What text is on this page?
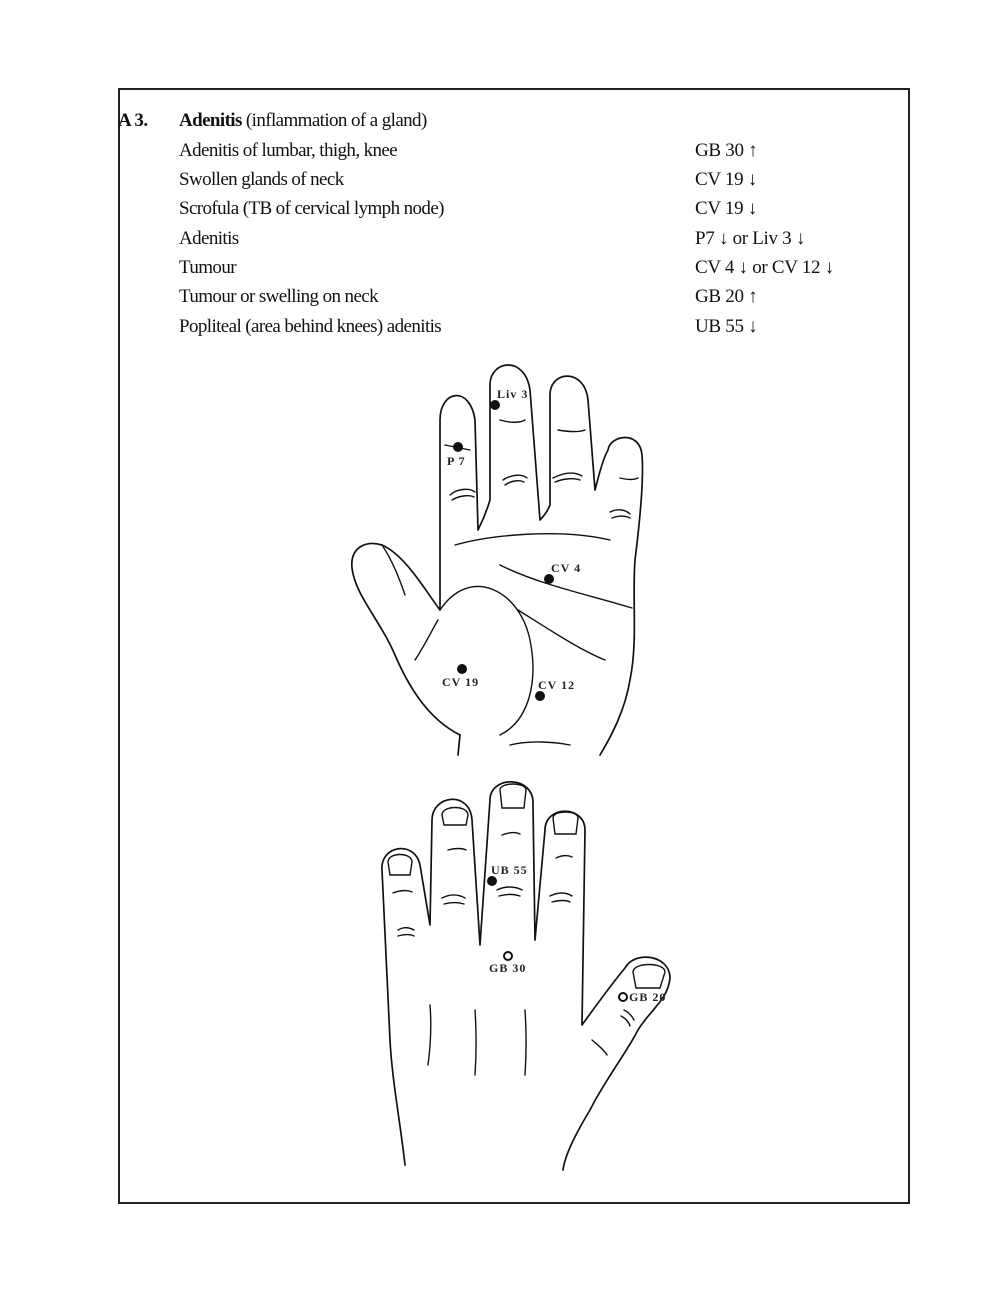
A 3. Adenitis (inflammation of a gland)
Adenitis of lumbar, thigh, knee	GB 30 ↑
Swollen glands of neck	CV 19 ↓
Scrofula (TB of cervical lymph node)	CV 19 ↓
Adenitis	P7 ↓ or Liv 3 ↓
Tumour	CV 4 ↓ or CV 12 ↓
Tumour or swelling on neck	GB 20 ↑
Popliteal (area behind knees) adenitis	UB 55 ↓
Liv 3
P 7
CV 4
CV 19	CV 12
UB 55
GB 30
GB 20
